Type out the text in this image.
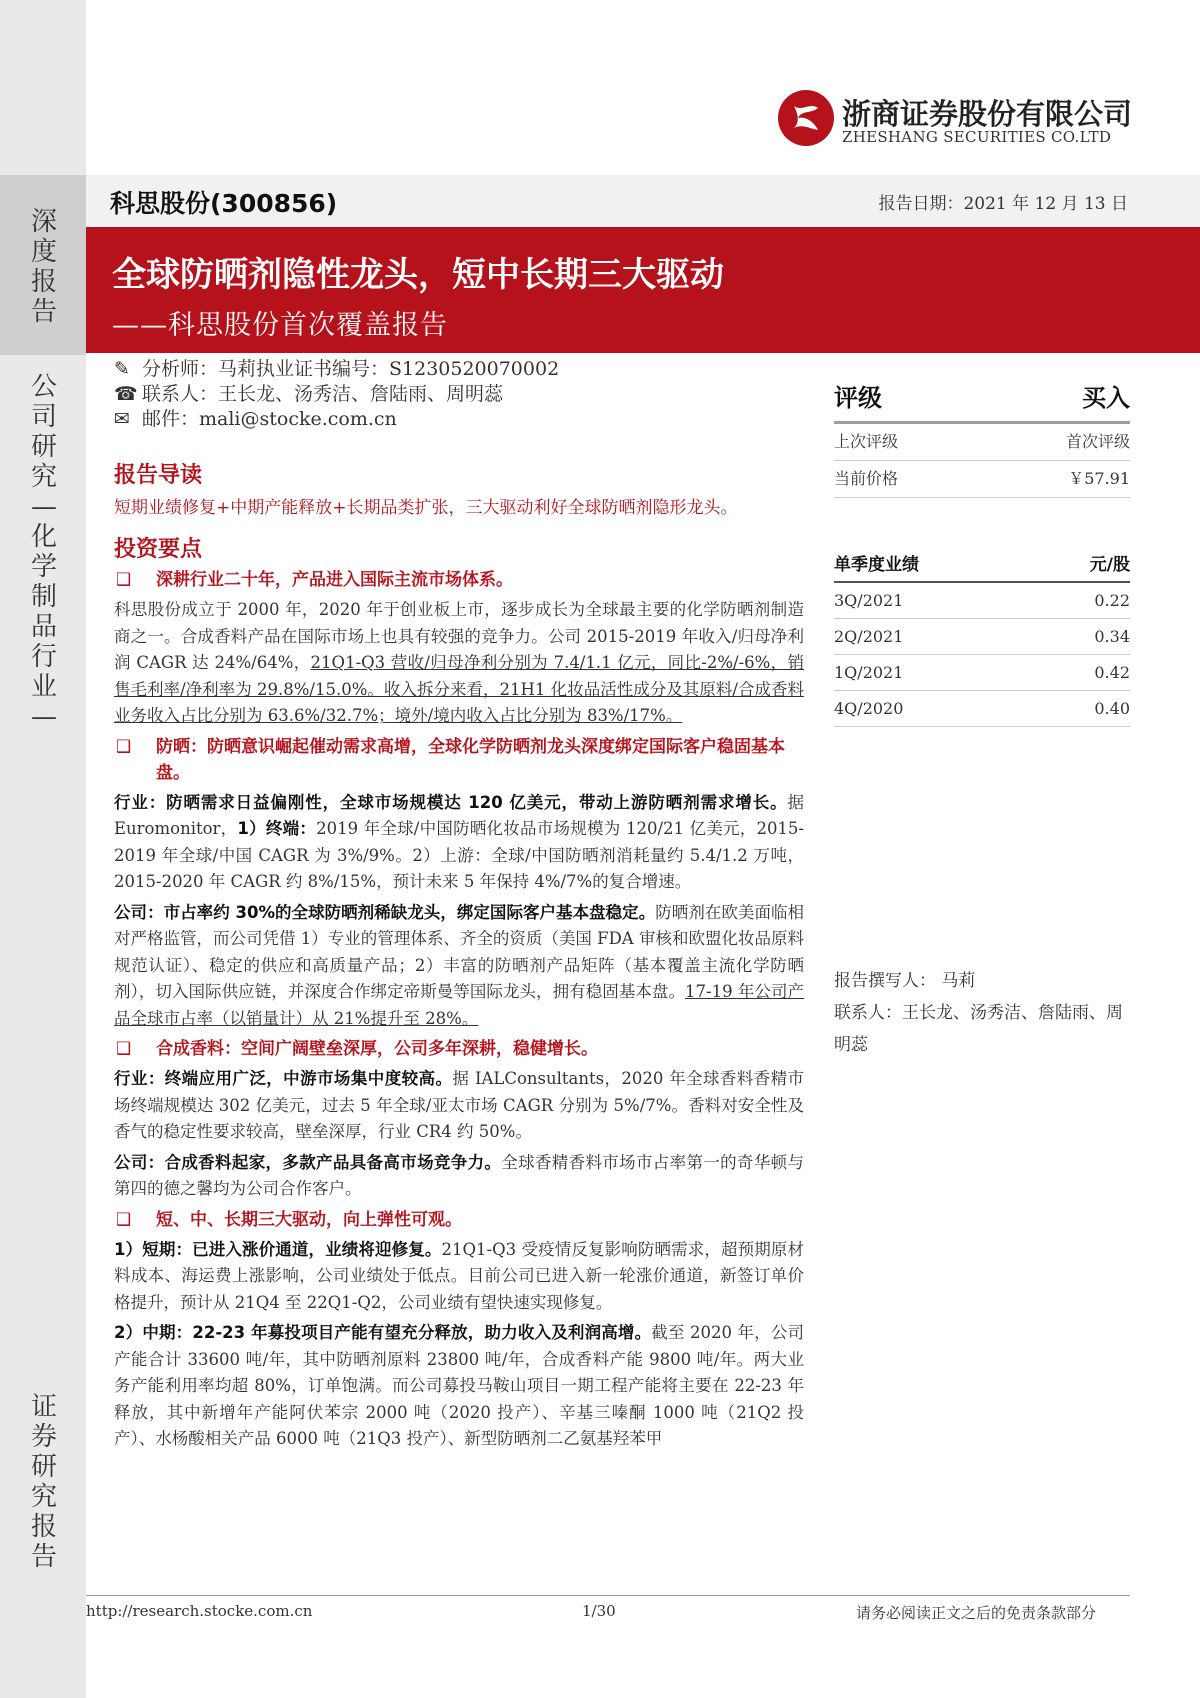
深度报告
公司研究—化学制品行业—
证券研究报告
浙商证券股份有限公司
ZHESHANG SECURITIES CO.LTD
科思股份(300856)	报告日期：2021 年 12 月 13 日
全球防晒剂隐性龙头，短中长期三大驱动
——科思股份首次覆盖报告
✎ 分析师：马莉执业证书编号：S1230520070002
☎ 联系人：王长龙、汤秀洁、詹陆雨、周明蕊
✉ 邮件：mali@stocke.com.cn
报告导读

短期业绩修复+中期产能释放+长期品类扩张，三大驱动利好全球防晒剂隐形龙头。

投资要点
❑ 深耕行业二十年，产品进入国际主流市场体系。

科思股份成立于 2000 年，2020 年于创业板上市，逐步成长为全球最主要的化学防晒剂制造商之一。合成香料产品在国际市场上也具有较强的竞争力。公司 2015-2019 年收入/归母净利润 CAGR 达 24%/64%，21Q1-Q3 营收/归母净利分别为 7.4/1.1 亿元，同比-2%/-6%，销售毛利率/净利率为 29.8%/15.0%。收入拆分来看，21H1 化妆品活性成分及其原料/合成香料业务收入占比分别为 63.6%/32.7%；境外/境内收入占比分别为 83%/17%。

❑ 防晒：防晒意识崛起催动需求高增，全球化学防晒剂龙头深度绑定国际客户稳固基本盘。

行业：防晒需求日益偏刚性，全球市场规模达 120 亿美元，带动上游防晒剂需求增长。据 Euromonitor，1）终端：2019 年全球/中国防晒化妆品市场规模为 120/21 亿美元，2015-2019 年全球/中国 CAGR 为 3%/9%。2）上游：全球/中国防晒剂消耗量约 5.4/1.2 万吨，2015-2020 年 CAGR 约 8%/15%，预计未来 5 年保持 4%/7%的复合增速。

公司：市占率约 30%的全球防晒剂稀缺龙头，绑定国际客户基本盘稳定。防晒剂在欧美面临相对严格监管，而公司凭借 1）专业的管理体系、齐全的资质（美国 FDA 审核和欧盟化妆品原料规范认证）、稳定的供应和高质量产品；2）丰富的防晒剂产品矩阵（基本覆盖主流化学防晒剂），切入国际供应链，并深度合作绑定帝斯曼等国际龙头，拥有稳固基本盘。17-19 年公司产品全球市占率（以销量计）从 21%提升至 28%。

❑ 合成香料：空间广阔壁垒深厚，公司多年深耕，稳健增长。

行业：终端应用广泛，中游市场集中度较高。据 IALConsultants，2020 年全球香料香精市场终端规模达 302 亿美元，过去 5 年全球/亚太市场 CAGR 分别为 5%/7%。香料对安全性及香气的稳定性要求较高，壁垒深厚，行业 CR4 约 50%。

公司：合成香料起家，多款产品具备高市场竞争力。全球香精香料市场市占率第一的奇华顿与第四的德之馨均为公司合作客户。

❑ 短、中、长期三大驱动，向上弹性可观。

1）短期：已进入涨价通道，业绩将迎修复。21Q1-Q3 受疫情反复影响防晒需求，超预期原材料成本、海运费上涨影响，公司业绩处于低点。目前公司已进入新一轮涨价通道，新签订单价格提升，预计从 21Q4 至 22Q1-Q2，公司业绩有望快速实现修复。

2）中期：22-23 年募投项目产能有望充分释放，助力收入及利润高增。截至 2020 年，公司产能合计 33600 吨/年，其中防晒剂原料 23800 吨/年，合成香料产能 9800 吨/年。两大业务产能利用率均超 80%，订单饱满。而公司募投马鞍山项目一期工程产能将主要在 22-23 年释放，其中新增年产能阿伏苯宗 2000 吨（2020 投产）、辛基三嗪酮 1000 吨（21Q2 投产）、水杨酸相关产品 6000 吨（21Q3 投产）、新型防晒剂二乙氨基羟苯甲

评级	买入
上次评级	首次评级
当前价格	￥57.91
单季度业绩	元/股
3Q/2021	0.22
2Q/2021	0.34
1Q/2021	0.42
4Q/2020	0.40
报告撰写人： 马莉
联系人：王长龙、汤秀洁、詹陆雨、周明蕊
http://research.stocke.com.cn	1/30	请务必阅读正文之后的免责条款部分
